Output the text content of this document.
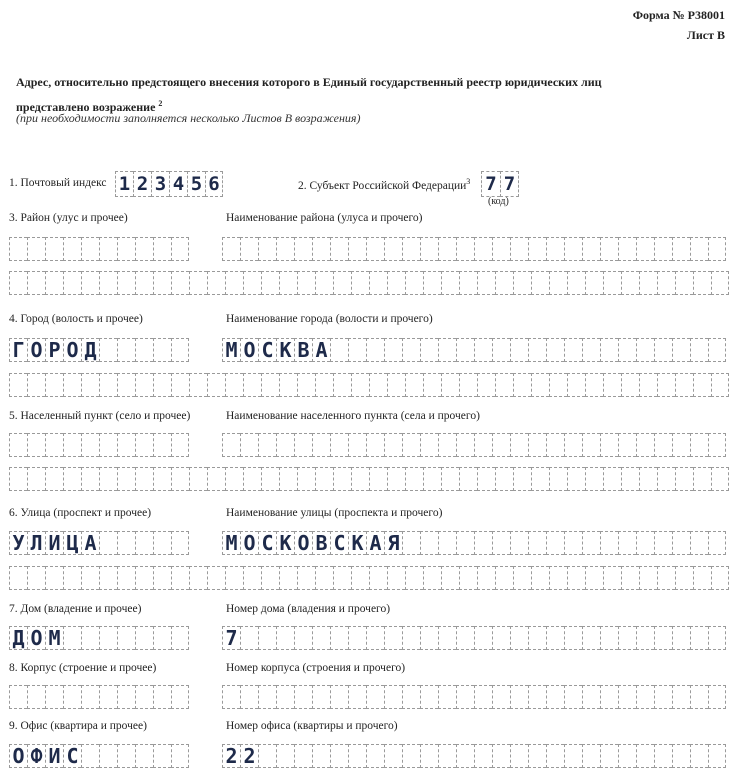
Форма № Р38001
Лист В
Адрес, относительно предстоящего внесения которого в Единый государственный реестр юридических лиц
представлено возражение $^2$
(при необходимости заполняется несколько Листов В возражения)
1. Почтовый индекс 1 2 3 4 5 6	2. Субъект Российской Федерации$^3$ 7 7
(код)
3. Район (улус и прочее)	Наименование района (улуса и прочего)
4. Город (волость и прочее)	Наименование города (волости и прочего)
Г О Р О Д	М О С К В А
5. Населенный пункт (село и прочее)	Наименование населенного пункта (села и прочего)
6. Улица (проспект и прочее)	Наименование улицы (проспекта и прочего)
У Л И Ц А	М О С К О В С К А Я
7. Дом (владение и прочее)	Номер дома (владения и прочего)
Д О М	7
8. Корпус (строение и прочее)	Номер корпуса (строения и прочего)
9. Офис (квартира и прочее)	Номер офиса (квартиры и прочего)
О Ф И С	2 2
